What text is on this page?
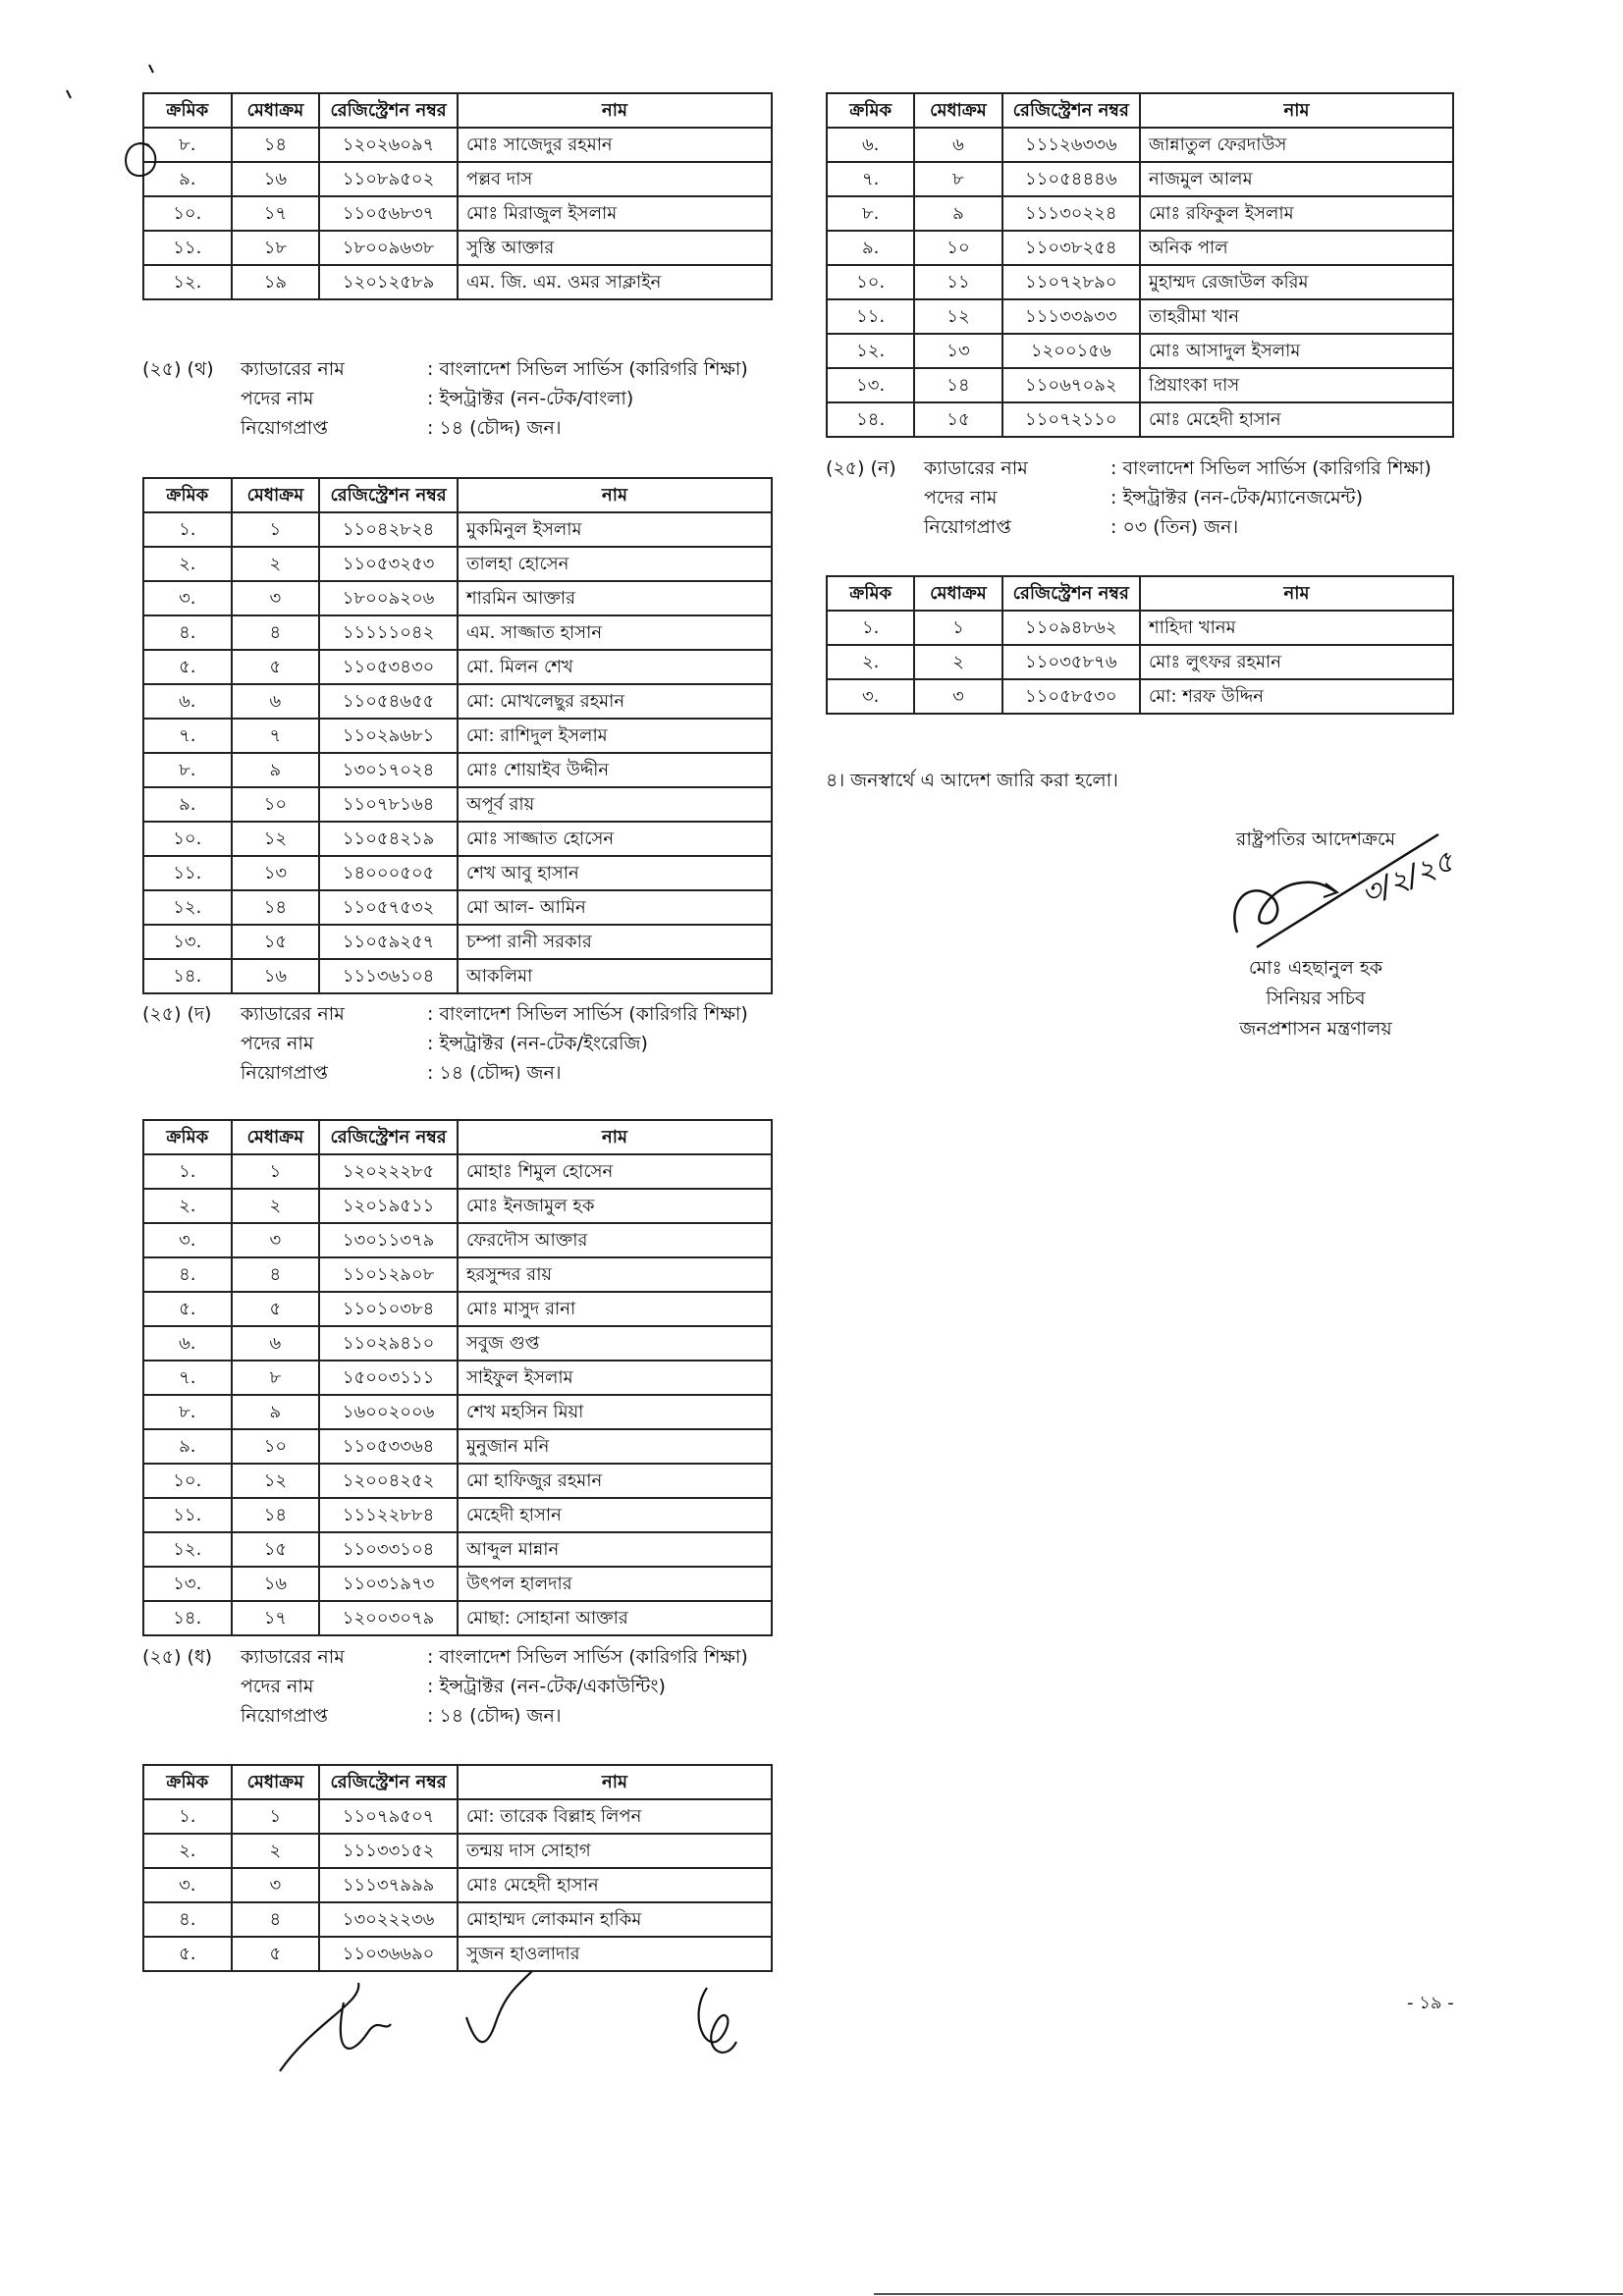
ক্রমিক	মেধাক্রম	রেজিস্ট্রেশন নম্বর	নাম
৮.	১৪	১২০২৬০৯৭	মোঃ সাজেদুর রহমান
৯.	১৬	১১০৮৯৫০২	পল্লব দাস
১০.	১৭	১১০৫৬৮৩৭	মোঃ মিরাজুল ইসলাম
১১.	১৮	১৮০০৯৬৩৮	সুস্তি আক্তার
১২.	১৯	১২০১২৫৮৯	এম. জি. এম. ওমর সাক্লাইন
(২৫) (থ)	ক্যাডারের নাম	: বাংলাদেশ সিভিল সার্ভিস (কারিগরি শিক্ষা)
পদের নাম	: ইন্সট্রাক্টর (নন-টেক/বাংলা)
নিয়োগপ্রাপ্ত	: ১৪ (চৌদ্দ) জন।
ক্রমিক	মেধাক্রম	রেজিস্ট্রেশন নম্বর	নাম
১.	১	১১০৪২৮২৪	মুকমিনুল ইসলাম
২.	২	১১০৫৩২৫৩	তালহা হোসেন
৩.	৩	১৮০০৯২০৬	শারমিন আক্তার
৪.	৪	১১১১১০৪২	এম. সাজ্জাত হাসান
৫.	৫	১১০৫৩৪৩০	মো. মিলন শেখ
৬.	৬	১১০৫৪৬৫৫	মো: মোখলেছুর রহমান
৭.	৭	১১০২৯৬৮১	মো: রাশিদুল ইসলাম
৮.	৯	১৩০১৭০২৪	মোঃ শোয়াইব উদ্দীন
৯.	১০	১১০৭৮১৬৪	অপূর্ব রায়
১০.	১২	১১০৫৪২১৯	মোঃ সাজ্জাত হোসেন
১১.	১৩	১৪০০০৫০৫	শেখ আবু হাসান
১২.	১৪	১১০৫৭৫৩২	মো আল- আমিন
১৩.	১৫	১১০৫৯২৫৭	চম্পা রানী সরকার
১৪.	১৬	১১১৩৬১০৪	আকলিমা
(২৫) (দ)	ক্যাডারের নাম	: বাংলাদেশ সিভিল সার্ভিস (কারিগরি শিক্ষা)
পদের নাম	: ইন্সট্রাক্টর (নন-টেক/ইংরেজি)
নিয়োগপ্রাপ্ত	: ১৪ (চৌদ্দ) জন।
ক্রমিক	মেধাক্রম	রেজিস্ট্রেশন নম্বর	নাম
১.	১	১২০২২২৮৫	মোহাঃ শিমুল হোসেন
২.	২	১২০১৯৫১১	মোঃ ইনজামুল হক
৩.	৩	১৩০১১৩৭৯	ফেরদৌস আক্তার
৪.	৪	১১০১২৯০৮	হরসুন্দর রায়
৫.	৫	১১০১০৩৮৪	মোঃ মাসুদ রানা
৬.	৬	১১০২৯৪১০	সবুজ গুপ্ত
৭.	৮	১৫০০৩১১১	সাইফুল ইসলাম
৮.	৯	১৬০০২০০৬	শেখ মহসিন মিয়া
৯.	১০	১১০৫৩৩৬৪	মুনুজান মনি
১০.	১২	১২০০৪২৫২	মো হাফিজুর রহমান
১১.	১৪	১১১২২৮৮৪	মেহেদী হাসান
১২.	১৫	১১০৩৩১০৪	আব্দুল মান্নান
১৩.	১৬	১১০৩১৯৭৩	উৎপল হালদার
১৪.	১৭	১২০০৩০৭৯	মোছা: সোহানা আক্তার
(২৫) (ধ)	ক্যাডারের নাম	: বাংলাদেশ সিভিল সার্ভিস (কারিগরি শিক্ষা)
পদের নাম	: ইন্সট্রাক্টর (নন-টেক/একাউন্টিং)
নিয়োগপ্রাপ্ত	: ১৪ (চৌদ্দ) জন।
ক্রমিক	মেধাক্রম	রেজিস্ট্রেশন নম্বর	নাম
১.	১	১১০৭৯৫০৭	মো: তারেক বিল্লাহ লিপন
২.	২	১১১৩৩১৫২	তন্ময় দাস সোহাগ
৩.	৩	১১১৩৭৯৯৯	মোঃ মেহেদী হাসান
৪.	৪	১৩০২২২৩৬	মোহাম্মদ লোকমান হাকিম
৫.	৫	১১০৩৬৬৯০	সুজন হাওলাদার
ক্রমিক	মেধাক্রম	রেজিস্ট্রেশন নম্বর	নাম
৬.	৬	১১১২৬৩৩৬	জান্নাতুল ফেরদাউস
৭.	৮	১১০৫৪৪৪৬	নাজমুল আলম
৮.	৯	১১১৩০২২৪	মোঃ রফিকুল ইসলাম
৯.	১০	১১০৩৮২৫৪	অনিক পাল
১০.	১১	১১০৭২৮৯০	মুহাম্মদ রেজাউল করিম
১১.	১২	১১১৩৩৯৩৩	তাহরীমা খান
১২.	১৩	১২০০১৫৬	মোঃ আসাদুল ইসলাম
১৩.	১৪	১১০৬৭০৯২	প্রিয়াংকা দাস
১৪.	১৫	১১০৭২১১০	মোঃ মেহেদী হাসান
(২৫) (ন)	ক্যাডারের নাম	: বাংলাদেশ সিভিল সার্ভিস (কারিগরি শিক্ষা)
পদের নাম	: ইন্সট্রাক্টর (নন-টেক/ম্যানেজমেন্ট)
নিয়োগপ্রাপ্ত	: ০৩ (তিন) জন।
ক্রমিক	মেধাক্রম	রেজিস্ট্রেশন নম্বর	নাম
১.	১	১১০৯৪৮৬২	শাহিদা খানম
২.	২	১১০৩৫৮৭৬	মোঃ লুৎফর রহমান
৩.	৩	১১০৫৮৫৩০	মো: শরফ উদ্দিন
৪। জনস্বার্থে এ আদেশ জারি করা হলো।
রাষ্ট্রপতির আদেশক্রমে
মোঃ এহছানুল হক
সিনিয়র সচিব
জনপ্রশাসন মন্ত্রণালয়
৩/২/২৫
- ১৯ -
